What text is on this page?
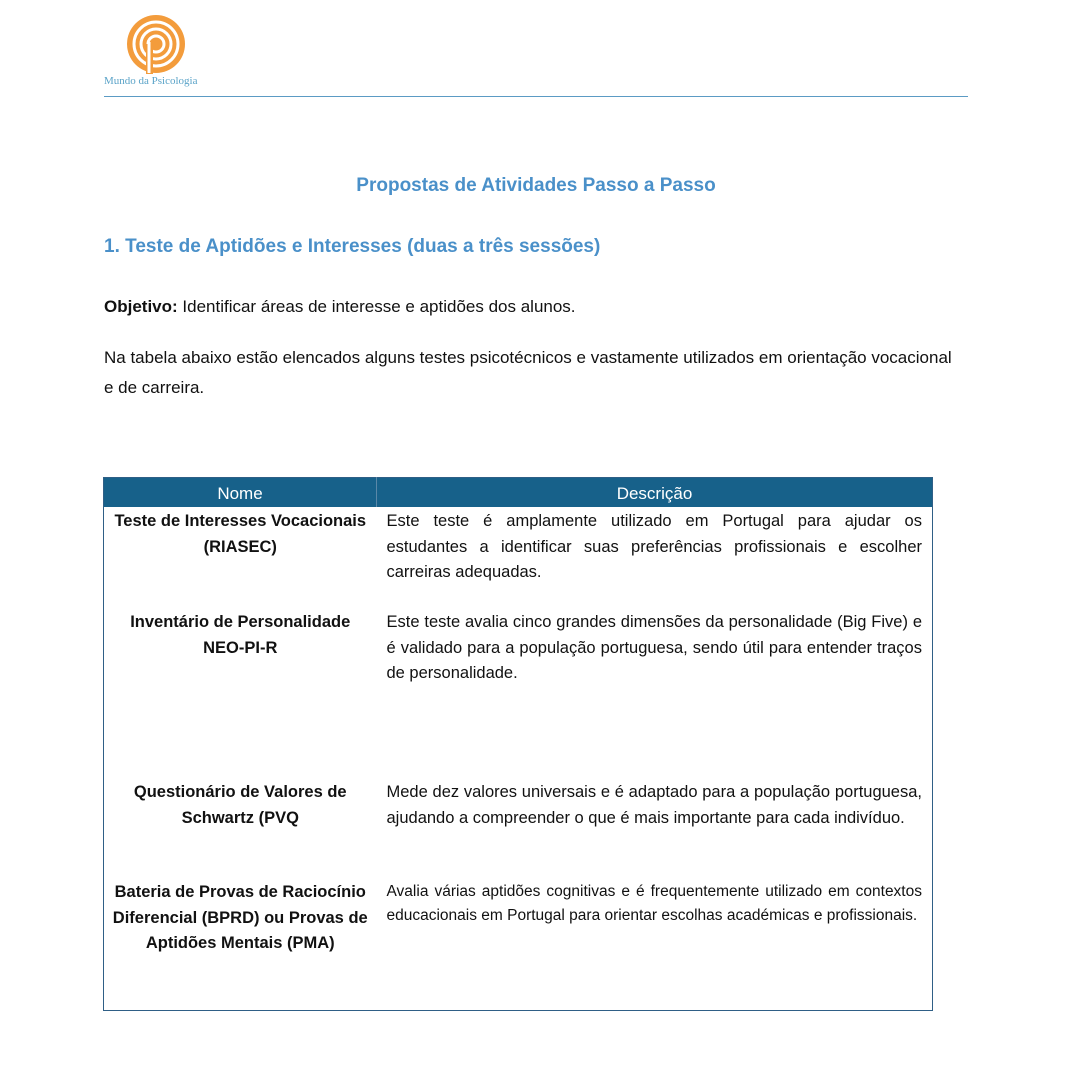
Mundo da Psicologia
Propostas de Atividades Passo a Passo
1. Teste de Aptidões e Interesses (duas a três sessões)
Objetivo: Identificar áreas de interesse e aptidões dos alunos.
Na tabela abaixo estão elencados alguns testes psicotécnicos e vastamente utilizados em orientação vocacional e de carreira.
Nome	Descrição
Teste de Interesses Vocacionais (RIASEC)	Este teste é amplamente utilizado em Portugal para ajudar os estudantes a identificar suas preferências profissionais e escolher carreiras adequadas.
Inventário de Personalidade NEO-PI-R	Este teste avalia cinco grandes dimensões da personalidade (Big Five) e é validado para a população portuguesa, sendo útil para entender traços de personalidade.
Questionário de Valores de Schwartz (PVQ	Mede dez valores universais e é adaptado para a população portuguesa, ajudando a compreender o que é mais importante para cada indivíduo.
Bateria de Provas de Raciocínio Diferencial (BPRD) ou Provas de Aptidões Mentais (PMA)	Avalia várias aptidões cognitivas e é frequentemente utilizado em contextos educacionais em Portugal para orientar escolhas académicas e profissionais.
